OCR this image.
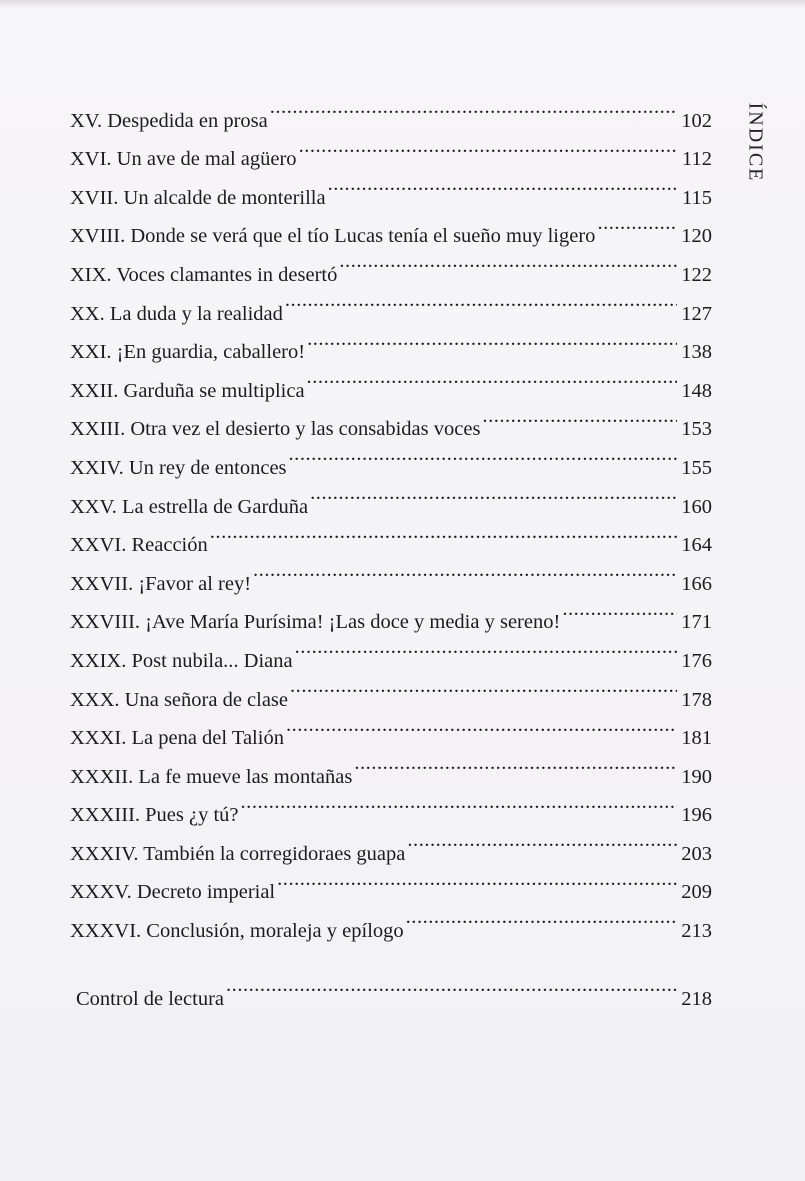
ÍNDICE
XV. Despedida en prosa . . .	102
XVI. Un ave de mal agüero . . .	112
XVII. Un alcalde de monterilla . . .	115
XVIII. Donde se verá que el tío Lucas tenía el sueño muy ligero . . .	120
XIX. Voces clamantes in desertó . . .	122
XX. La duda y la realidad . . .	127
XXI. ¡En guardia, caballero! . . .	138
XXII. Garduña se multiplica . . .	148
XXIII. Otra vez el desierto y las consabidas voces . . .	153
XXIV. Un rey de entonces . . .	155
XXV. La estrella de Garduña . . .	160
XXVI. Reacción . . .	164
XXVII. ¡Favor al rey! . . .	166
XXVIII. ¡Ave María Purísima! ¡Las doce y media y sereno! . . .	171
XXIX. Post nubila... Diana . . .	176
XXX. Una señora de clase . . .	178
XXXI. La pena del Talión . . .	181
XXXII. La fe mueve las montañas . . .	190
XXXIII. Pues ¿y tú? . . .	196
XXXIV. También la corregidoraes guapa . . .	203
XXXV. Decreto imperial . . .	209
XXXVI. Conclusión, moraleja y epílogo . . .	213
Control de lectura . . .	218
